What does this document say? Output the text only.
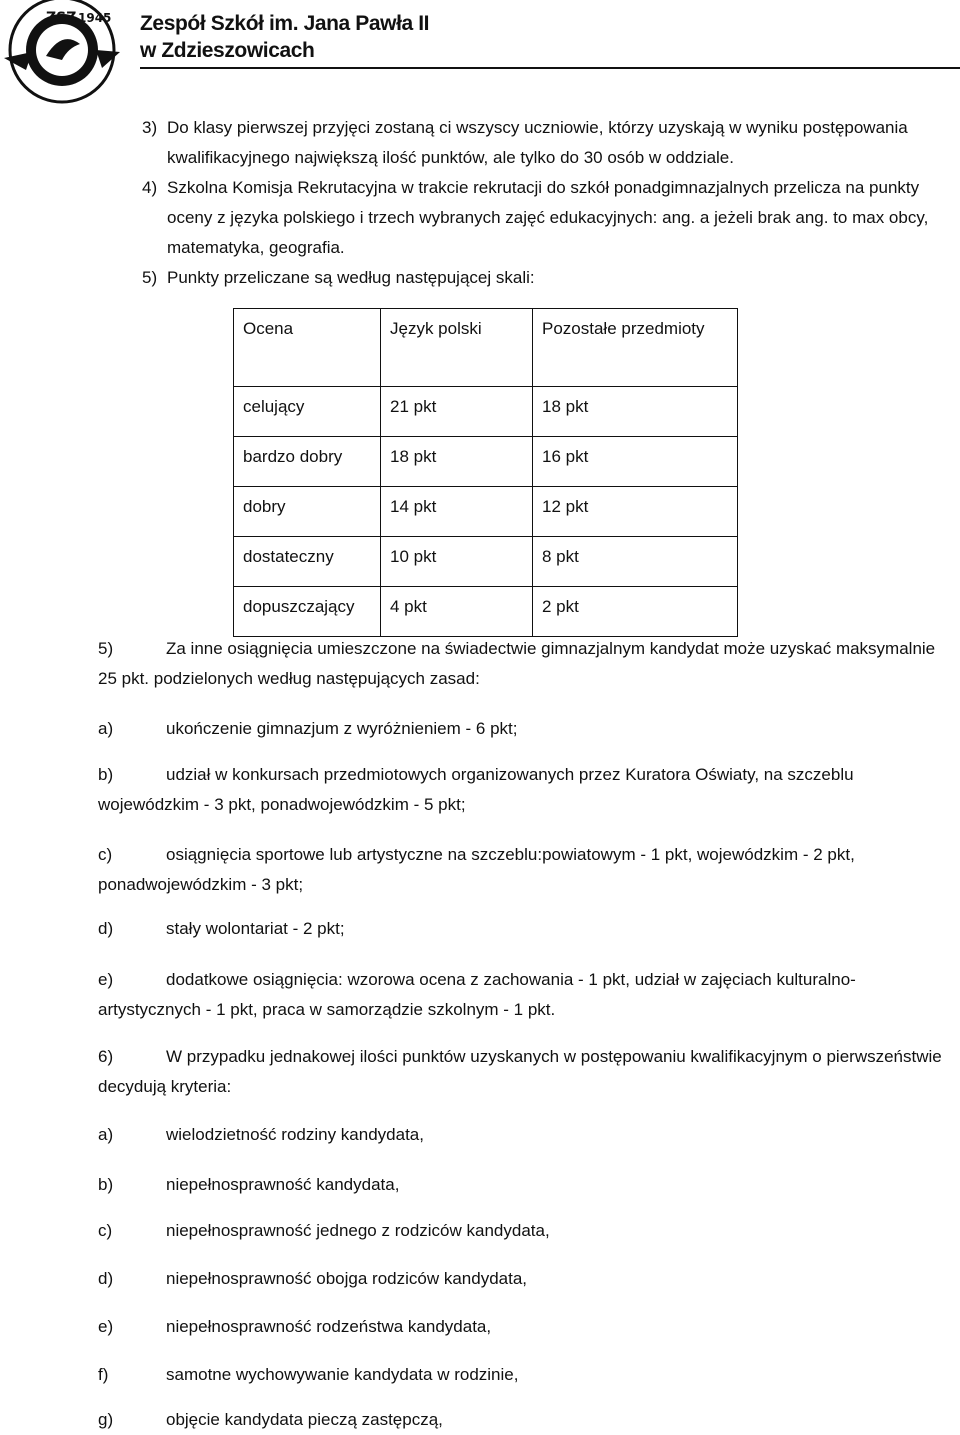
ZSZ 1945 Zespół Szkół im. Jana Pawła II
w Zdzieszowicach
3) Do klasy pierwszej przyjęci zostaną ci wszyscy uczniowie, którzy uzyskają w wyniku postępowania kwalifikacyjnego największą ilość punktów, ale tylko do 30 osób w oddziale.
4) Szkolna Komisja Rekrutacyjna w trakcie rekrutacji do szkół ponadgimnazjalnych przelicza na punkty oceny z języka polskiego i trzech wybranych zajęć edukacyjnych: ang. a jeżeli brak ang. to max obcy, matematyka, geografia.
5) Punkty przeliczane są według następującej skali:
Ocena	Język polski	Pozostałe przedmioty
celujący	21 pkt	18 pkt
bardzo dobry	18 pkt	16 pkt
dobry	14 pkt	12 pkt
dostateczny	10 pkt	8 pkt
dopuszczający	4 pkt	2 pkt
5)	Za inne osiągnięcia umieszczone na świadectwie gimnazjalnym kandydat może uzyskać maksymalnie 25 pkt. podzielonych według następujących zasad:
a)	ukończenie gimnazjum z wyróżnieniem - 6 pkt;
b)	udział w konkursach przedmiotowych organizowanych przez Kuratora Oświaty, na szczeblu wojewódzkim - 3 pkt, ponadwojewódzkim - 5 pkt;
c)	osiągnięcia sportowe lub artystyczne na szczeblu:powiatowym - 1 pkt, wojewódzkim - 2 pkt, ponadwojewódzkim - 3 pkt;
d)	stały wolontariat - 2 pkt;
e)	dodatkowe osiągnięcia: wzorowa ocena z zachowania - 1 pkt, udział w zajęciach kulturalno-artystycznych - 1 pkt, praca w samorządzie szkolnym - 1 pkt.
6)	W przypadku jednakowej ilości punktów uzyskanych w postępowaniu kwalifikacyjnym o pierwszeństwie decydują kryteria:
a)	wielodzietność rodziny kandydata,
b)	niepełnosprawność kandydata,
c)	niepełnosprawność jednego z rodziców kandydata,
d)	niepełnosprawność obojga rodziców kandydata,
e)	niepełnosprawność rodzeństwa kandydata,
f)	samotne wychowywanie kandydata w rodzinie,
g)	objęcie kandydata pieczą zastępczą,
